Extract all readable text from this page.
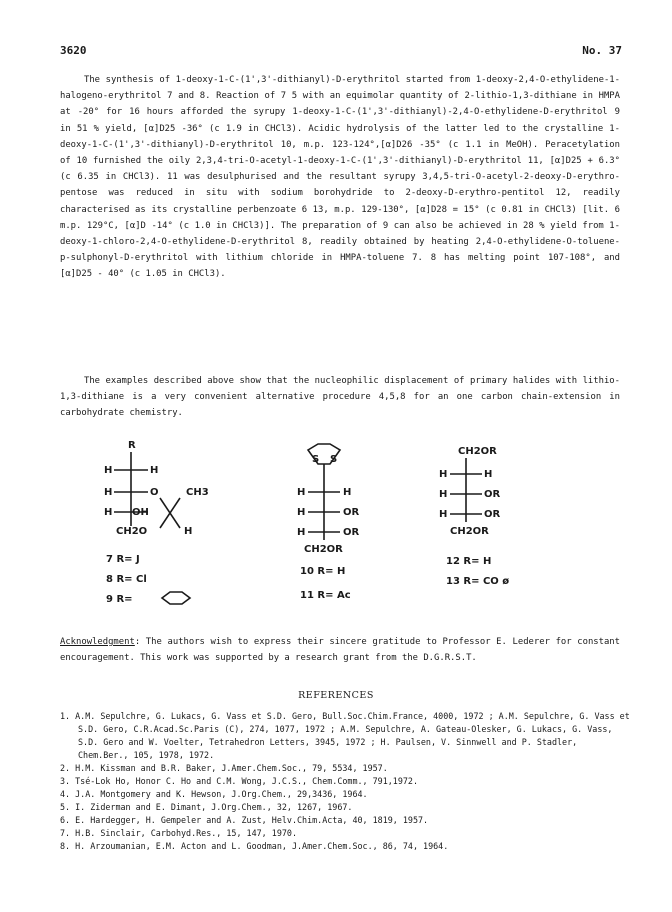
3620	No. 37

The synthesis of 1-deoxy-1-C-(1',3'-dithianyl)-D-erythritol started from 1-deoxy-2,4-O-ethylidene-1-halogeno-erythritol 7 and 8. Reaction of 7 5 with an equimolar quantity of 2-lithio-1,3-dithiane in HMPA at -20° for 16 hours afforded the syrupy 1-deoxy-1-C-(1',3'-dithianyl)-2,4-O-ethylidene-D-erythritol 9 in 51 % yield, [α]D25 -36° (c 1.9 in CHCl3). Acidic hydrolysis of the latter led to the crystalline 1-deoxy-1-C-(1',3'-dithianyl)-D-erythritol 10, m.p. 123-124°,[α]D26 -35° (c 1.1 in MeOH). Peracetylation of 10 furnished the oily 2,3,4-tri-O-acetyl-1-deoxy-1-C-(1',3'-dithianyl)-D-erythritol 11, [α]D25 + 6.3° (c 6.35 in CHCl3). 11 was desulphurised and the resultant syrupy 3,4,5-tri-O-acetyl-2-deoxy-D-erythro-pentose was reduced in situ with sodium borohydride to 2-deoxy-D-erythro-pentitol 12, readily characterised as its crystalline perbenzoate 6 13, m.p. 129-130°, [α]D28 = 15° (c 0.81 in CHCl3) [lit. 6 m.p. 129°C, [α]D -14° (c 1.0 in CHCl3)]. The preparation of 9 can also be achieved in 28 % yield from 1-deoxy-1-chloro-2,4-O-ethylidene-D-erythritol 8, readily obtained by heating 2,4-O-ethylidene-O-toluene-p-sulphonyl-D-erythritol with lithium chloride in HMPA-toluene 7. 8 has melting point 107-108°, and [α]D25 - 40° (c 1.05 in CHCl3).

The examples described above show that the nucleophilic displacement of primary halides with lithio-1,3-dithiane is a very convenient alternative procedure 4,5,8 for an one carbon chain-extension in carbohydrate chemistry.

R
H	H
H	O	CH3
H OH
CH2O	H
7 R= J
8 R= Cl
9 R=
S S
H	H
H	OR
H	OR
CH2OR
10 R= H
11 R= Ac
CH2OR
H	H
H	OR
H	OR
CH2OR
12 R= H
13 R= CO ø

Acknowledgment: The authors wish to express their sincere gratitude to Professor E. Lederer for constant encouragement. This work was supported by a research grant from the D.G.R.S.T.

REFERENCES
1. A.M. Sepulchre, G. Lukacs, G. Vass et S.D. Gero, Bull.Soc.Chim.France, 4000, 1972 ; A.M. Sepulchre, G. Vass et S.D. Gero, C.R.Acad.Sc.Paris (C), 274, 1077, 1972 ; A.M. Sepulchre, A. Gateau-Olesker, G. Lukacs, G. Vass, S.D. Gero and W. Voelter, Tetrahedron Letters, 3945, 1972 ; H. Paulsen, V. Sinnwell and P. Stadler, Chem.Ber., 105, 1978, 1972.
2. H.M. Kissman and B.R. Baker, J.Amer.Chem.Soc., 79, 5534, 1957.
3. Tsé-Lok Ho, Honor C. Ho and C.M. Wong, J.C.S., Chem.Comm., 791,1972.
4. J.A. Montgomery and K. Hewson, J.Org.Chem., 29,3436, 1964.
5. I. Ziderman and E. Dimant, J.Org.Chem., 32, 1267, 1967.
6. E. Hardegger, H. Gempeler and A. Zust, Helv.Chim.Acta, 40, 1819, 1957.
7. H.B. Sinclair, Carbohyd.Res., 15, 147, 1970.
8. H. Arzoumanian, E.M. Acton and L. Goodman, J.Amer.Chem.Soc., 86, 74, 1964.
